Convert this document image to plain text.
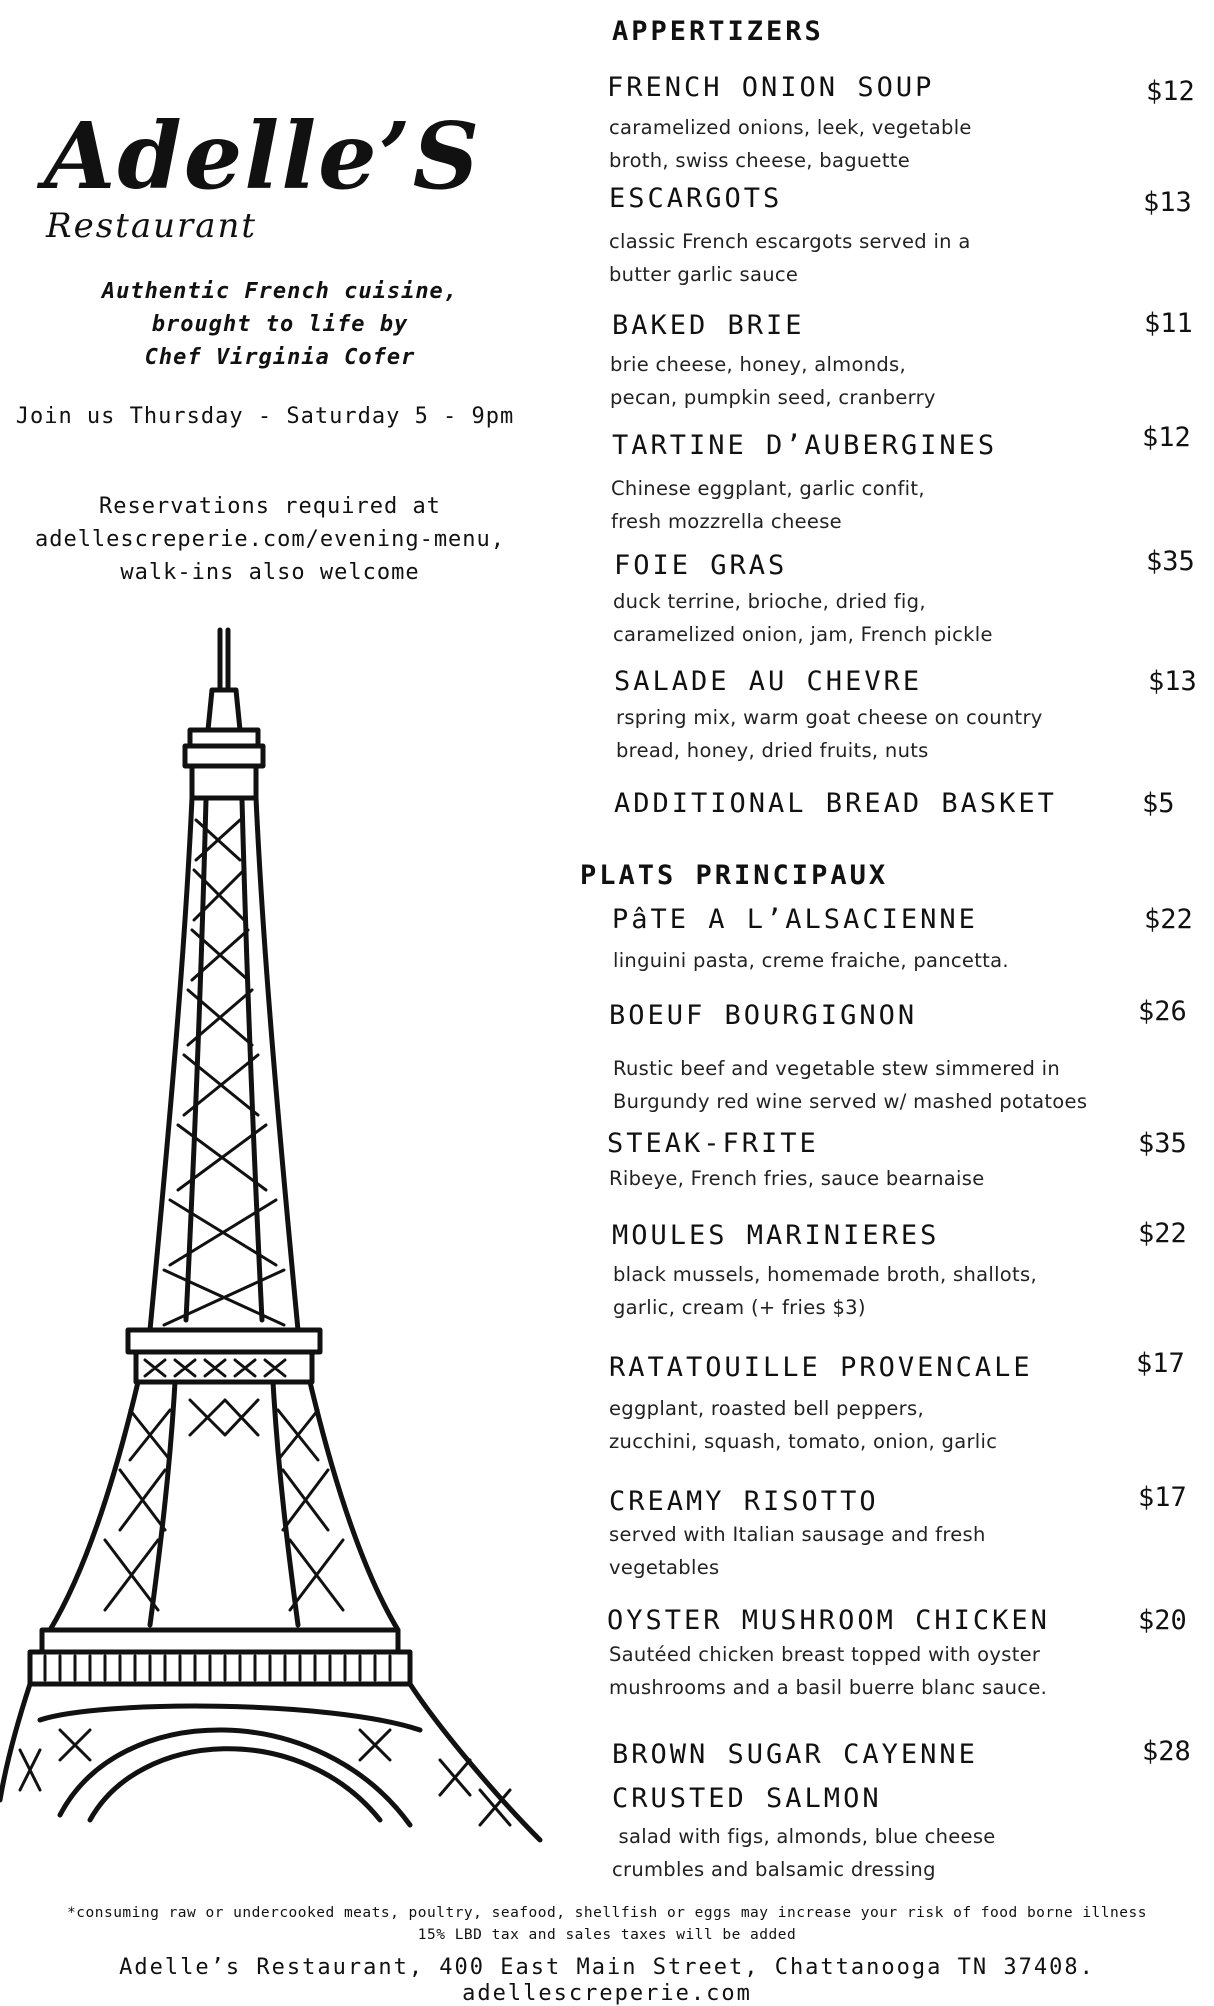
Adelle’S
Restaurant
Authentic French cuisine,
brought to life by
Chef Virginia Cofer
Join us Thursday - Saturday 5 - 9pm
Reservations required at
adellescreperie.com/evening-menu,
walk-ins also welcome
APPERTIZERS
FRENCH ONION SOUP	$12
caramelized onions, leek, vegetable
broth, swiss cheese, baguette
ESCARGOTS	$13
classic French escargots served in a
butter garlic sauce
BAKED BRIE	$11
brie cheese, honey, almonds,
pecan, pumpkin seed, cranberry
TARTINE D’AUBERGINES	$12
Chinese eggplant, garlic confit,
fresh mozzrella cheese
FOIE GRAS	$35
duck terrine, brioche, dried fig,
caramelized onion, jam, French pickle
SALADE AU CHEVRE	$13
rspring mix, warm goat cheese on country
bread, honey, dried fruits, nuts
ADDITIONAL BREAD BASKET	$5
PLATS PRINCIPAUX
PâTE A L’ALSACIENNE	$22
linguini pasta, creme fraiche, pancetta.
BOEUF BOURGIGNON	$26
Rustic beef and vegetable stew simmered in
Burgundy red wine served w/ mashed potatoes
STEAK-FRITE	$35
Ribeye, French fries, sauce bearnaise
MOULES MARINIERES	$22
black mussels, homemade broth, shallots,
garlic, cream (+ fries $3)
RATATOUILLE PROVENCALE	$17
eggplant, roasted bell peppers,
zucchini, squash, tomato, onion, garlic
CREAMY RISOTTO	$17
served with Italian sausage and fresh
vegetables
OYSTER MUSHROOM CHICKEN	$20
Sautéed chicken breast topped with oyster
mushrooms and a basil buerre blanc sauce.
BROWN SUGAR CAYENNE
CRUSTED SALMON
$28
salad with figs, almonds, blue cheese
crumbles and balsamic dressing
*consuming raw or undercooked meats, poultry, seafood, shellfish or eggs may increase your risk of food borne illness
15% LBD tax and sales taxes will be added
Adelle’s Restaurant, 400 East Main Street, Chattanooga TN 37408.
adellescreperie.com
